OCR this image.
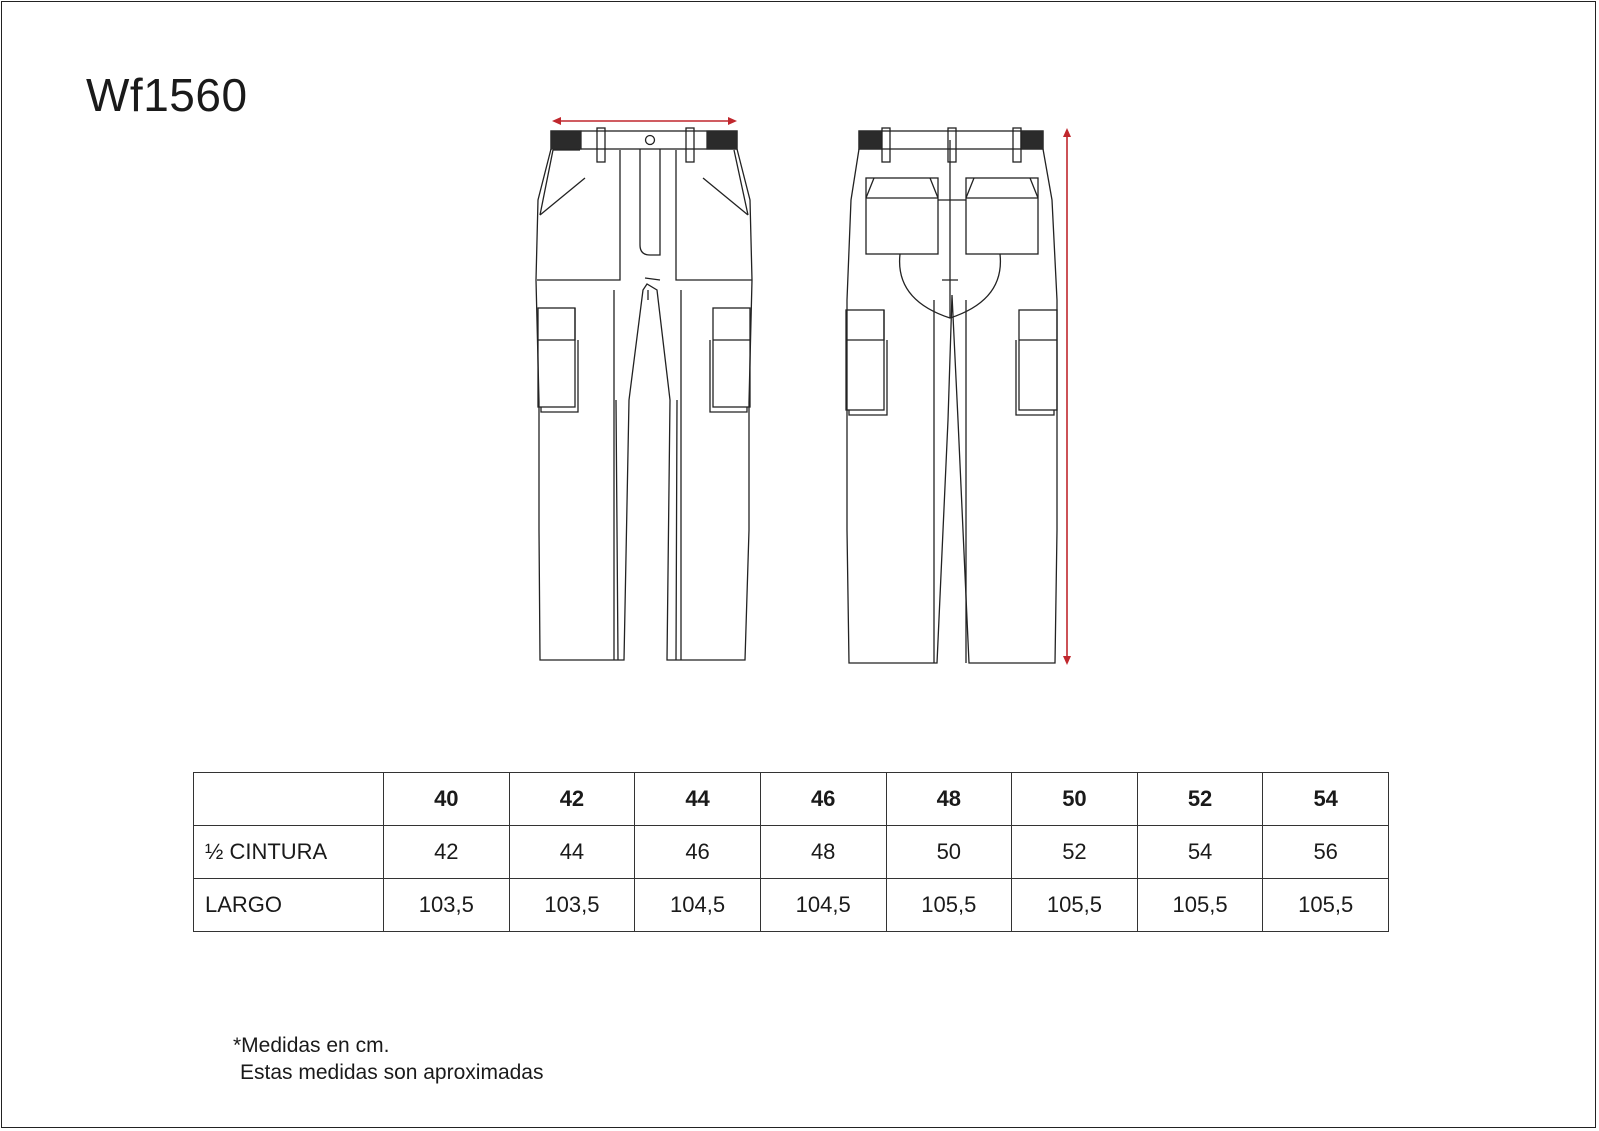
Wf1560
	40	42	44	46	48	50	52	54
½ CINTURA	42	44	46	48	50	52	54	56
LARGO	103,5	103,5	104,5	104,5	105,5	105,5	105,5	105,5
*Medidas en cm.
Estas medidas son aproximadas
